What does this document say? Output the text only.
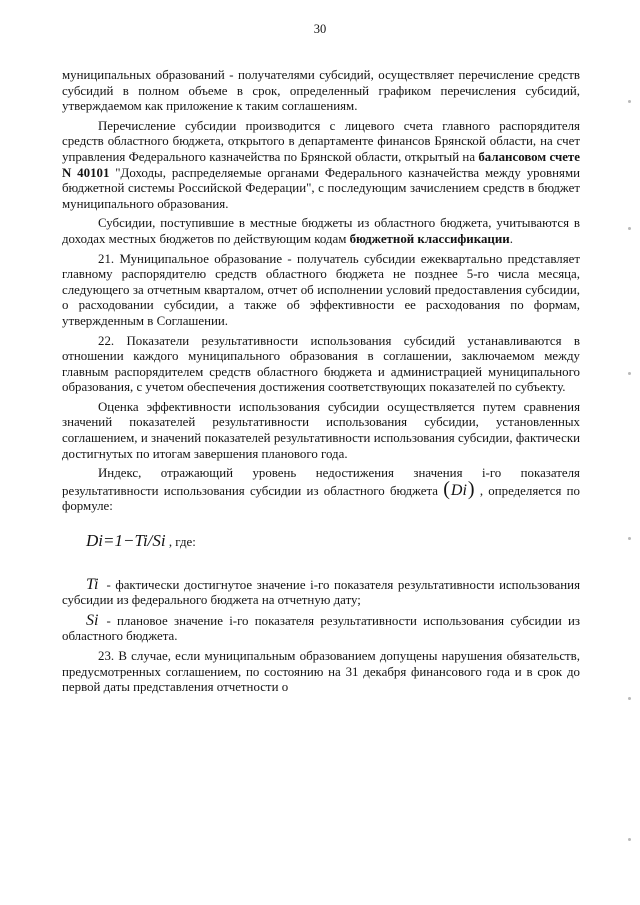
30

муниципальных образований - получателями субсидий, осуществляет перечисление средств субсидий в полном объеме в срок, определенный графиком перечисления субсидий, утверждаемом как приложение к таким соглашениям.

Перечисление субсидии производится с лицевого счета главного распорядителя средств областного бюджета, открытого в департаменте финансов Брянской области, на счет управления Федерального казначейства по Брянской области, открытый на балансовом счете N 40101 "Доходы, распределяемые органами Федерального казначейства между уровнями бюджетной системы Российской Федерации", с последующим зачислением средств в бюджет муниципального образования.

Субсидии, поступившие в местные бюджеты из областного бюджета, учитываются в доходах местных бюджетов по действующим кодам бюджетной классификации.

21. Муниципальное образование - получатель субсидии ежеквартально представляет главному распорядителю средств областного бюджета не позднее 5-го числа месяца, следующего за отчетным кварталом, отчет об исполнении условий предоставления субсидии, о расходовании субсидии, а также об эффективности ее расходования по формам, утвержденным в Соглашении.

22. Показатели результативности использования субсидий устанавливаются в отношении каждого муниципального образования в соглашении, заключаемом между главным распорядителем средств областного бюджета и администрацией муниципального образования, с учетом обеспечения достижения соответствующих показателей по субъекту.

Оценка эффективности использования субсидии осуществляется путем сравнения значений показателей результативности использования субсидии, установленных соглашением, и значений показателей результативности использования субсидии, фактически достигнутых по итогам завершения планового года.

Индекс, отражающий уровень недостижения значения i-го показателя результативности использования субсидии из областного бюджета ( Di ) , определяется по формуле:

Di=1−Ti/Si , где:

Ti - фактически достигнутое значение i-го показателя результативности использования субсидии из федерального бюджета на отчетную дату;

Si - плановое значение i-го показателя результативности использования субсидии из областного бюджета.

23. В случае, если муниципальным образованием допущены нарушения обязательств, предусмотренных соглашением, по состоянию на 31 декабря финансового года и в срок до первой даты представления отчетности о
